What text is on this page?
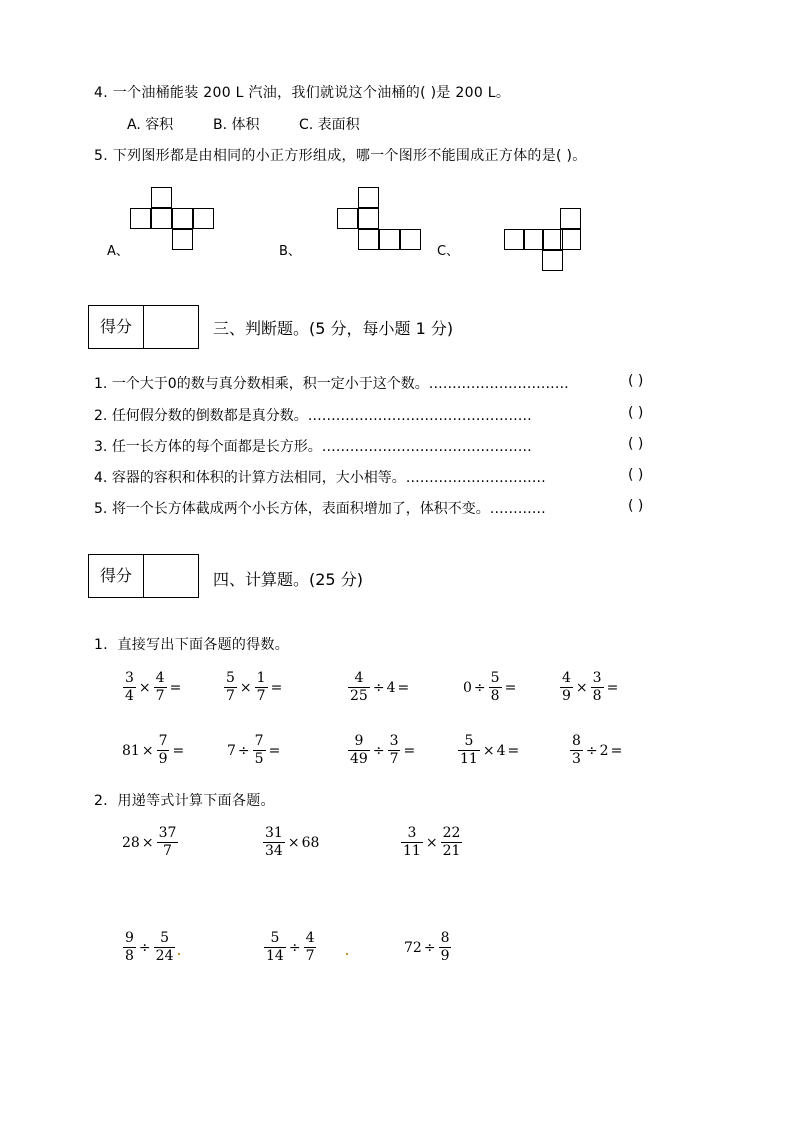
4. 一个油桶能装 200 L 汽油，我们就说这个油桶的( )是 200 L。
A. 容积	B. 体积	C. 表面积
5. 下列图形都是由相同的小正方形组成，哪一个图形不能围成正方体的是( )。
A、	B、	C、
得分	三、判断题。(5 分，每小题 1 分)
1. 一个大于0的数与真分数相乘，积一定小于这个数。…………………………	( )
2. 任何假分数的倒数都是真分数。…………………………………………	( )
3. 任一长方体的每个面都是长方形。………………………………………	( )
4. 容器的容积和体积的计算方法相同，大小相等。…………………………	( )
5. 将一个长方体截成两个小长方体，表面积增加了，体积不变。…………	( )
得分	四、计算题。(25 分)
1．直接写出下面各题的得数。
$\frac{3}{4} \times \frac{4}{7}$ =	$\frac{5}{7} \times \frac{1}{7}$ =	$\frac{4}{25} \div 4$ =	$0 \div \frac{5}{8}$ =	$\frac{4}{9} \times \frac{3}{8}$ =
$81 \times \frac{7}{9}$ =	$7 \div \frac{7}{5}$ =	$\frac{9}{49} \div \frac{3}{7}$ =	$\frac{5}{11} \times 4$ =	$\frac{8}{3} \div 2$ =
2．用递等式计算下面各题。
$28 \times \frac{37}{7}$	$\frac{31}{34} \times 68$	$\frac{3}{11} \times \frac{22}{21}$
$\frac{9}{8} \div \frac{5}{24}$	$\frac{5}{14} \div \frac{4}{7}$	$72 \div \frac{8}{9}$
